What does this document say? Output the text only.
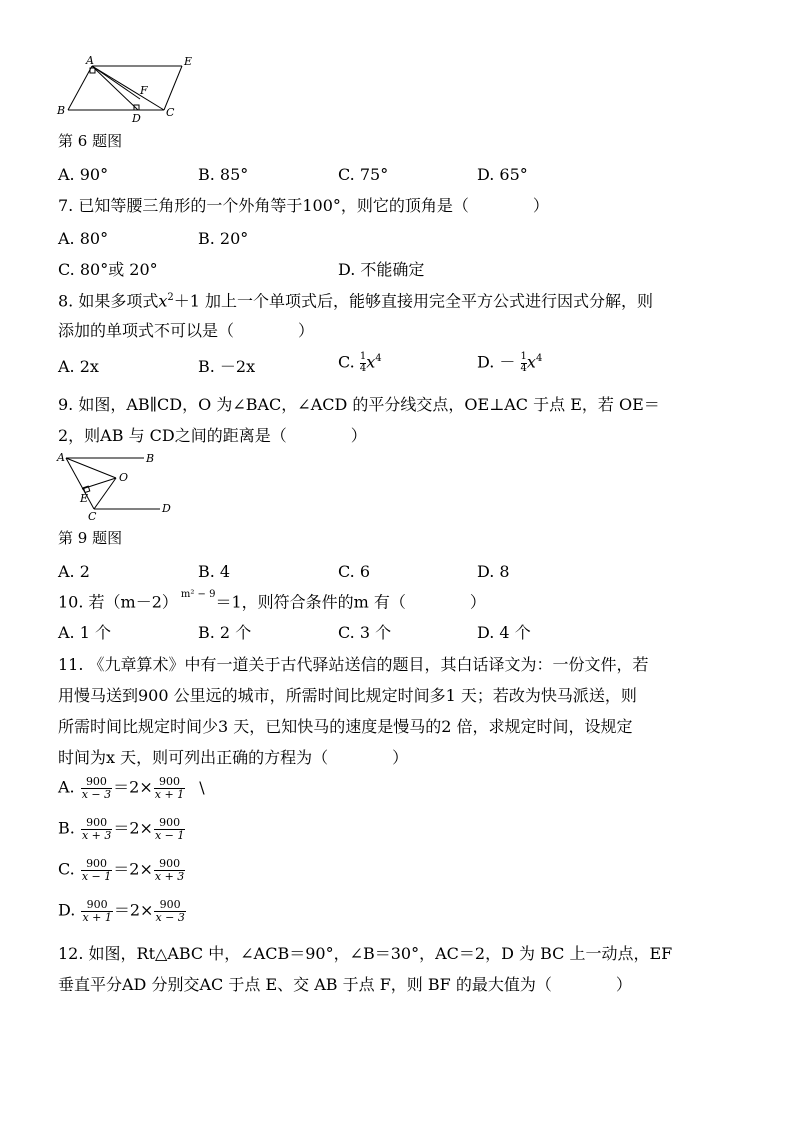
A	E
B
F
C
D
第 6 题图
A. 90°	B. 85°	C. 75°	D. 65°
7. 已知等腰三角形的一个外角等于100°，则它的顶角是（　　　　）
A. 80°	B. 20°
C. 80°或 20°	D. 不能确定
8. 如果多项式$x^2+1$ 加上一个单项式后，能够直接用完全平方公式进行因式分解，则
添加的单项式不可以是（　　　　）
A. 2x	B. －2x	C. $\frac{1}{4} x^4$	D. － $\frac{1}{4} x^4$
9. 如图，AB∥CD，O 为∠BAC，∠ACD 的平分线交点，OE⊥AC 于点 E，若 OE＝
2，则AB 与 CD之间的距离是（　　　　）
A	B
O
E
C
D
第 9 题图
A. 2	B. 4	C. 6	D. 8
10. 若（m－2） $^{m^2 - 9}$＝1，则符合条件的m 有（　　　　）
A. 1 个	B. 2 个	C. 3 个	D. 4 个
11. 《九章算术》中有一道关于古代驿站送信的题目，其白话译文为：一份文件，若
用慢马送到900 公里远的城市，所需时间比规定时间多1 天；若改为快马派送，则
所需时间比规定时间少3 天，已知快马的速度是慢马的2 倍，求规定时间，设规定
时间为x 天，则可列出正确的方程为（　　　　）
A. $\frac{900}{x - 3} =2\times \frac{900}{x + 1}$ \
B. $\frac{900}{x + 3} =2\times \frac{900}{x - 1}$
C. $\frac{900}{x - 1} =2\times \frac{900}{x + 3}$
D. $\frac{900}{x + 1} =2\times \frac{900}{x - 3}$
12. 如图，Rt△ABC 中，∠ACB＝90°，∠B＝30°，AC＝2，D 为 BC 上一动点，EF
垂直平分AD 分别交AC 于点 E、交 AB 于点 F，则 BF 的最大值为（　　　　）
